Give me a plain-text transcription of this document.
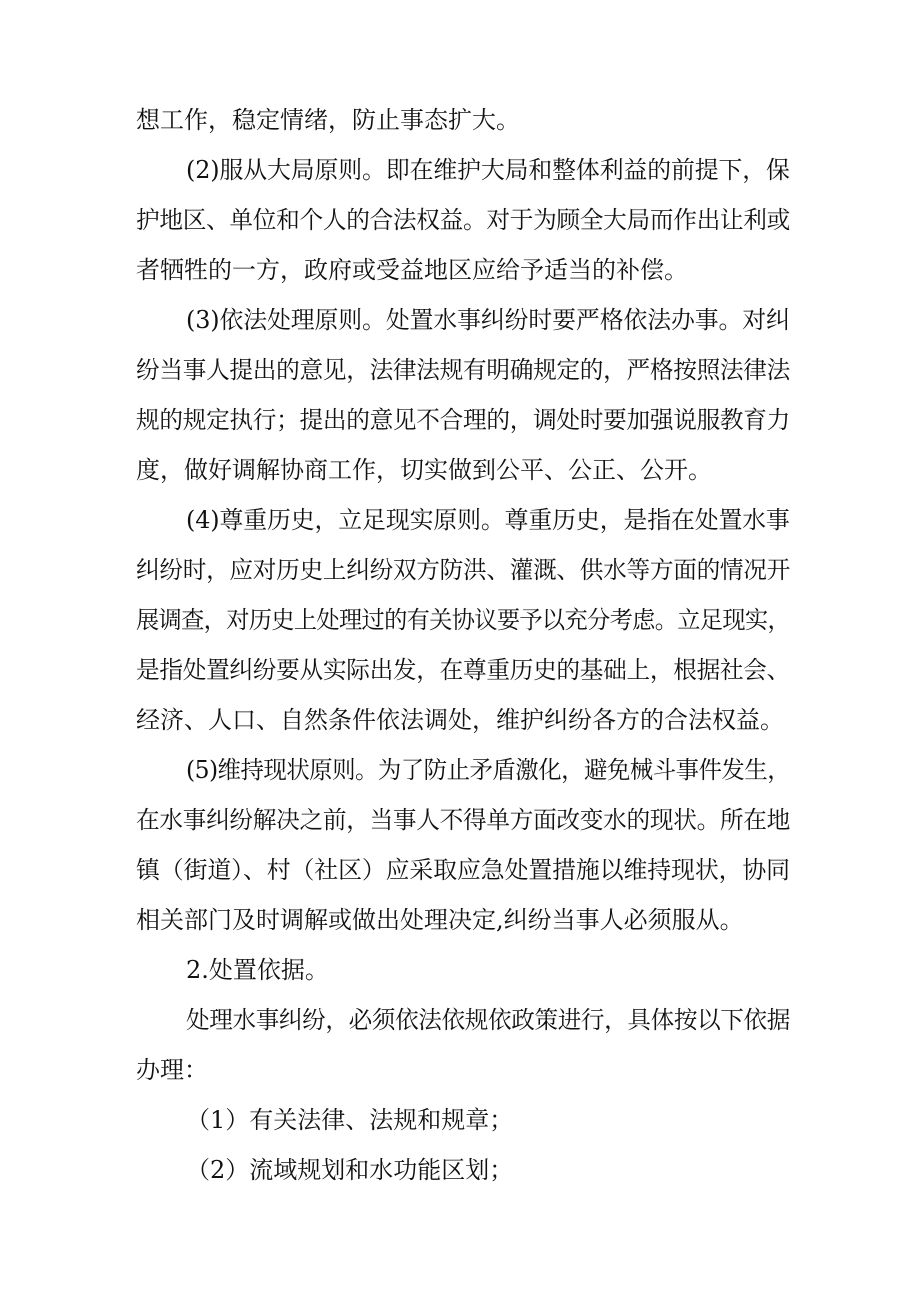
想工作，稳定情绪，防止事态扩大。
(2)服从大局原则。即在维护大局和整体利益的前提下，保
护地区、单位和个人的合法权益。对于为顾全大局而作出让利或
者牺牲的一方，政府或受益地区应给予适当的补偿。
(3)依法处理原则。处置水事纠纷时要严格依法办事。对纠
纷当事人提出的意见，法律法规有明确规定的，严格按照法律法
规的规定执行；提出的意见不合理的，调处时要加强说服教育力
度，做好调解协商工作，切实做到公平、公正、公开。
(4)尊重历史，立足现实原则。尊重历史，是指在处置水事
纠纷时，应对历史上纠纷双方防洪、灌溉、供水等方面的情况开
展调查，对历史上处理过的有关协议要予以充分考虑。立足现实，
是指处置纠纷要从实际出发，在尊重历史的基础上，根据社会、
经济、人口、自然条件依法调处，维护纠纷各方的合法权益。
(5)维持现状原则。为了防止矛盾激化，避免械斗事件发生，
在水事纠纷解决之前，当事人不得单方面改变水的现状。所在地
镇（街道）、村（社区）应采取应急处置措施以维持现状，协同
相关部门及时调解或做出处理决定,纠纷当事人必须服从。
2.处置依据。
处理水事纠纷，必须依法依规依政策进行，具体按以下依据
办理：
（1）有关法律、法规和规章；
（2）流域规划和水功能区划；
